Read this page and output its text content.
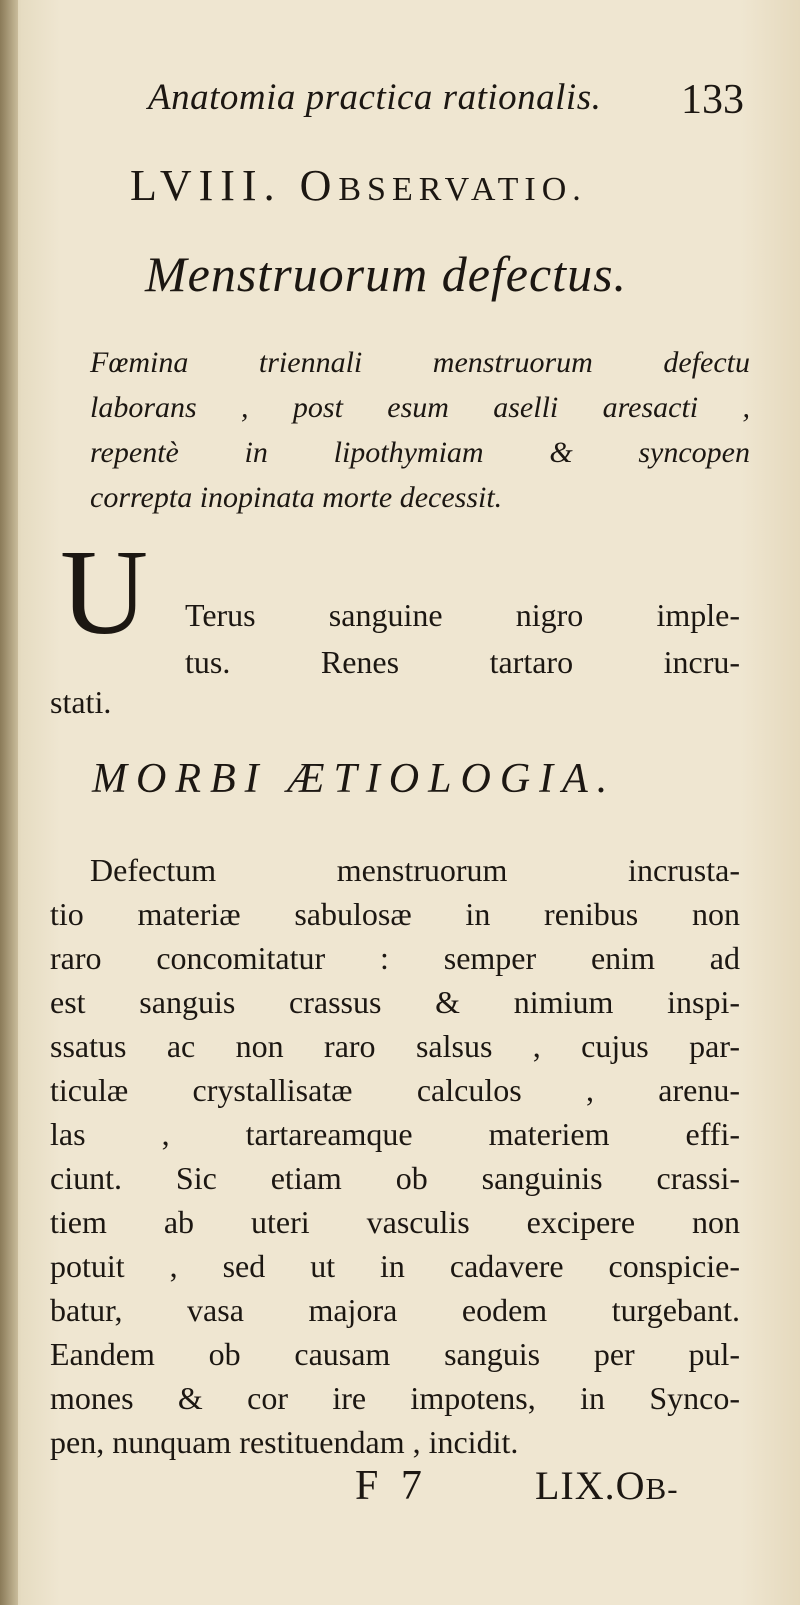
Anatomia practica rationalis. 133
LVIII. OBSERVATIO.
Menstruorum defectus.
Fœmina triennali menstruorum defectu
laborans , post esum aselli aresacti ,
repentè in lipothymiam & syncopen
correpta inopinata morte decessit.
U Terus sanguine nigro imple-
tus. Renes tartaro incru-
stati.
MORBI ÆTIOLOGIA.
Defectum menstruorum incrusta-
tio materiæ sabulosæ in renibus non
raro concomitatur : semper enim ad
est sanguis crassus & nimium inspi-
ssatus ac non raro salsus , cujus par-
ticulæ crystallisatæ calculos , arenu-
las , tartareamque materiem effi-
ciunt. Sic etiam ob sanguinis crassi-
tiem ab uteri vasculis excipere non
potuit , sed ut in cadavere conspicie-
batur, vasa majora eodem turgebant.
Eandem ob causam sanguis per pul-
mones & cor ire impotens, in Synco-
pen, nunquam restituendam , incidit.
F 7	LIX.OB-
